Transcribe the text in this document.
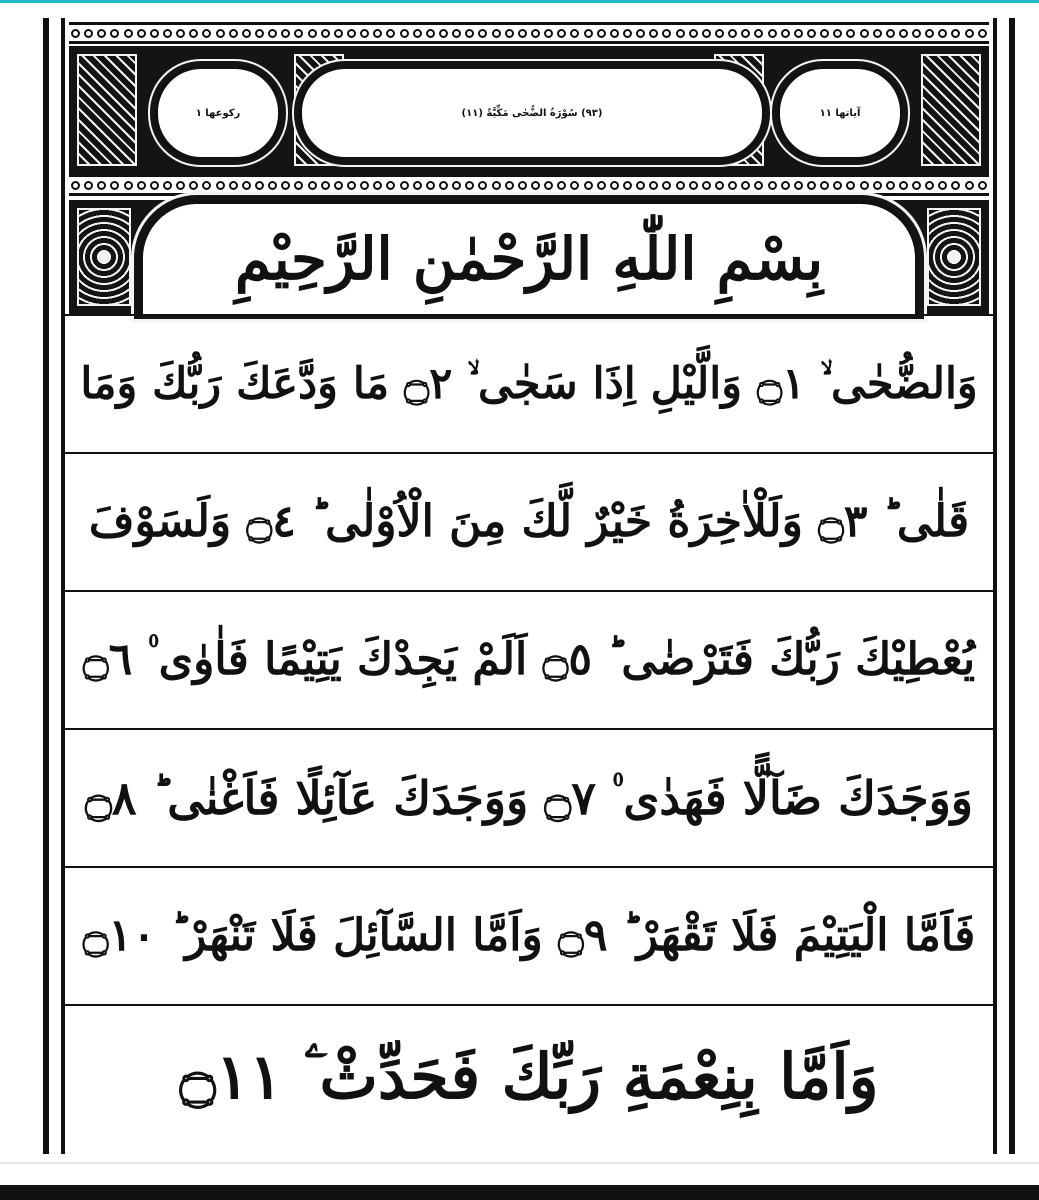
آیاتها ۱۱
(۹۳) سُوْرَةُ الضُّحٰی مَكِّيَّةٌ (۱۱)
رکوعها ۱
بِسْمِ اللّٰهِ الرَّحْمٰنِ الرَّحِيْمِ
وَالضُّحٰى ۙ ۝١ وَالَّيْلِ اِذَا سَجٰى ۙ ۝٢ مَا وَدَّعَكَ رَبُّكَ وَمَا
قَلٰى ؕ ۝٣ وَلَلْاٰخِرَةُ خَيْرٌ لَّكَ مِنَ الْاُوْلٰى ؕ ۝٤ وَلَسَوْفَ
يُعْطِيْكَ رَبُّكَ فَتَرْضٰى ؕ ۝٥ اَلَمْ يَجِدْكَ يَتِيْمًا فَاٰوٰى ۠ ۝٦
وَوَجَدَكَ ضَآلًّا فَهَدٰى ۠ ۝٧ وَوَجَدَكَ عَآئِلًا فَاَغْنٰى ؕ ۝٨
فَاَمَّا الْيَتِيْمَ فَلَا تَقْهَرْ ؕ ۝٩ وَاَمَّا السَّآئِلَ فَلَا تَنْهَرْ ؕ ۝١٠
وَاَمَّا بِنِعْمَةِ رَبِّكَ فَحَدِّثْ ۧ ۝١١
